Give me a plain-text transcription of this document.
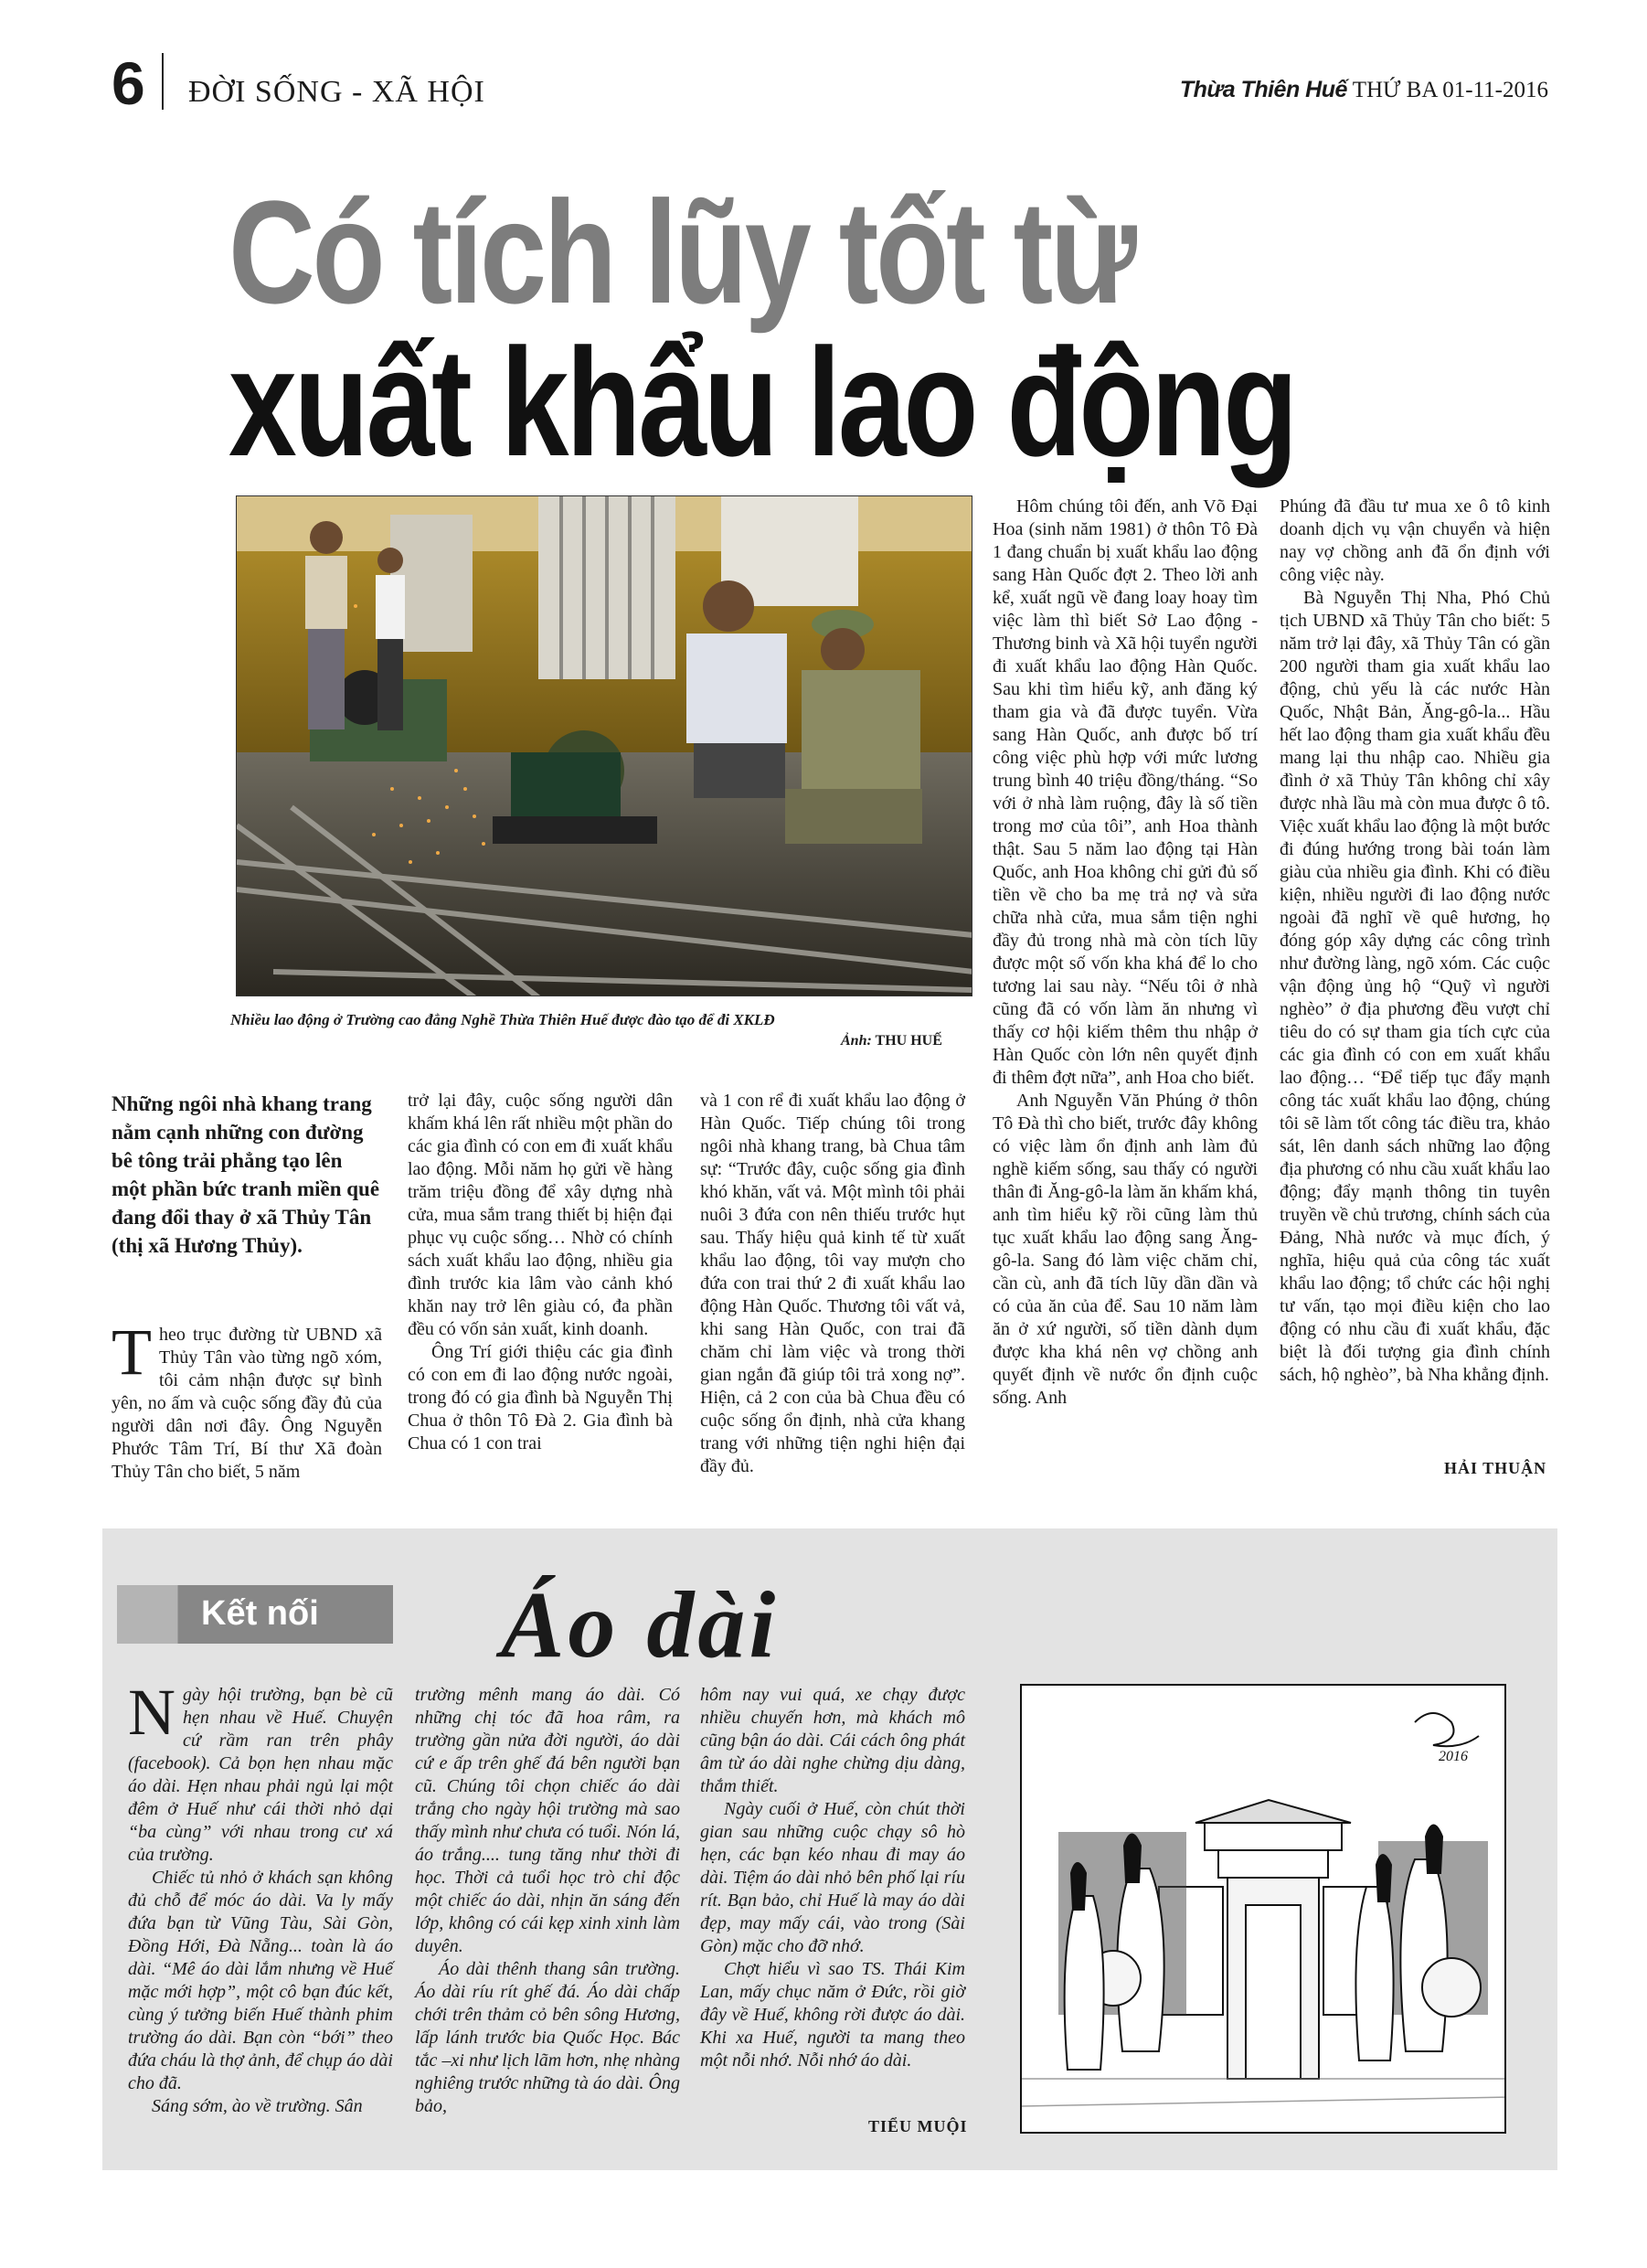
6 ĐỜI SỐNG - XÃ HỘI	Thừa Thiên Huế THỨ BA 01-11-2016
Có tích lũy tốt từ
xuất khẩu lao động
Nhiều lao động ở Trường cao đẳng Nghề Thừa Thiên Huế được đào tạo để đi XKLĐ
Ảnh: THU HUẾ
Những ngôi nhà khang trang nằm cạnh những con đường bê tông trải phẳng tạo lên một phần bức tranh miền quê đang đổi thay ở xã Thủy Tân (thị xã Hương Thủy).

Theo trục đường từ UBND xã Thủy Tân vào từng ngõ xóm, tôi cảm nhận được sự bình yên, no ấm và cuộc sống đầy đủ của người dân nơi đây. Ông Nguyễn Phước Tâm Trí, Bí thư Xã đoàn Thủy Tân cho biết, 5 năm

trở lại đây, cuộc sống người dân khấm khá lên rất nhiều một phần do các gia đình có con em đi xuất khẩu lao động. Mỗi năm họ gửi về hàng trăm triệu đồng để xây dựng nhà cửa, mua sắm trang thiết bị hiện đại phục vụ cuộc sống… Nhờ có chính sách xuất khẩu lao động, nhiều gia đình trước kia lâm vào cảnh khó khăn nay trở lên giàu có, đa phần đều có vốn sản xuất, kinh doanh.

Ông Trí giới thiệu các gia đình có con em đi lao động nước ngoài, trong đó có gia đình bà Nguyễn Thị Chua ở thôn Tô Đà 2. Gia đình bà Chua có 1 con trai

và 1 con rể đi xuất khẩu lao động ở Hàn Quốc. Tiếp chúng tôi trong ngôi nhà khang trang, bà Chua tâm sự: “Trước đây, cuộc sống gia đình khó khăn, vất vả. Một mình tôi phải nuôi 3 đứa con nên thiếu trước hụt sau. Thấy hiệu quả kinh tế từ xuất khẩu lao động, tôi vay mượn cho đứa con trai thứ 2 đi xuất khẩu lao động Hàn Quốc. Thương tôi vất vả, khi sang Hàn Quốc, con trai đã chăm chỉ làm việc và trong thời gian ngắn đã giúp tôi trả xong nợ”. Hiện, cả 2 con của bà Chua đều có cuộc sống ổn định, nhà cửa khang trang với những tiện nghi hiện đại đầy đủ.

Hôm chúng tôi đến, anh Võ Đại Hoa (sinh năm 1981) ở thôn Tô Đà 1 đang chuẩn bị xuất khẩu lao động sang Hàn Quốc đợt 2. Theo lời anh kể, xuất ngũ về đang loay hoay tìm việc làm thì biết Sở Lao động - Thương binh và Xã hội tuyển người đi xuất khẩu lao động Hàn Quốc. Sau khi tìm hiểu kỹ, anh đăng ký tham gia và đã được tuyển. Vừa sang Hàn Quốc, anh được bố trí công việc phù hợp với mức lương trung bình 40 triệu đồng/tháng. “So với ở nhà làm ruộng, đây là số tiền trong mơ của tôi”, anh Hoa thành thật. Sau 5 năm lao động tại Hàn Quốc, anh Hoa không chỉ gửi đủ số tiền về cho ba mẹ trả nợ và sửa chữa nhà cửa, mua sắm tiện nghi đầy đủ trong nhà mà còn tích lũy được một số vốn kha khá để lo cho tương lai sau này. “Nếu tôi ở nhà cũng đã có vốn làm ăn nhưng vì thấy cơ hội kiếm thêm thu nhập ở Hàn Quốc còn lớn nên quyết định đi thêm đợt nữa”, anh Hoa cho biết.

Anh Nguyễn Văn Phúng ở thôn Tô Đà thì cho biết, trước đây không có việc làm ổn định anh làm đủ nghề kiếm sống, sau thấy có người thân đi Ăng-gô-la làm ăn khấm khá, anh tìm hiểu kỹ rồi cũng làm thủ tục xuất khẩu lao động sang Ăng-gô-la. Sang đó làm việc chăm chỉ, cần cù, anh đã tích lũy dần dần và có của ăn của để. Sau 10 năm làm ăn ở xứ người, số tiền dành dụm được kha khá nên vợ chồng anh quyết định về nước ổn định cuộc sống. Anh

Phúng đã đầu tư mua xe ô tô kinh doanh dịch vụ vận chuyển và hiện nay vợ chồng anh đã ổn định với công việc này.

Bà Nguyễn Thị Nha, Phó Chủ tịch UBND xã Thủy Tân cho biết: 5 năm trở lại đây, xã Thủy Tân có gần 200 người tham gia xuất khẩu lao động, chủ yếu là các nước Hàn Quốc, Nhật Bản, Ăng-gô-la... Hầu hết lao động tham gia xuất khẩu đều mang lại thu nhập cao. Nhiều gia đình ở xã Thủy Tân không chỉ xây được nhà lầu mà còn mua được ô tô. Việc xuất khẩu lao động là một bước đi đúng hướng trong bài toán làm giàu của nhiều gia đình. Khi có điều kiện, nhiều người đi lao động nước ngoài đã nghĩ về quê hương, họ đóng góp xây dựng các công trình như đường làng, ngõ xóm. Các cuộc vận động ủng hộ “Quỹ vì người nghèo” ở địa phương đều vượt chỉ tiêu do có sự tham gia tích cực của các gia đình có con em xuất khẩu lao động… “Để tiếp tục đẩy mạnh công tác xuất khẩu lao động, chúng tôi sẽ làm tốt công tác điều tra, khảo sát, lên danh sách những lao động địa phương có nhu cầu xuất khẩu lao động; đẩy mạnh thông tin tuyên truyền về chủ trương, chính sách của Đảng, Nhà nước và mục đích, ý nghĩa, hiệu quả của công tác xuất khẩu lao động; tổ chức các hội nghị tư vấn, tạo mọi điều kiện cho lao động có nhu cầu đi xuất khẩu, đặc biệt là đối tượng gia đình chính sách, hộ nghèo”, bà Nha khẳng định.

HẢI THUẬN
Kết nối Áo dài

Ngày hội trường, bạn bè cũ hẹn nhau về Huế. Chuyện cứ rầm ran trên phây (facebook). Cả bọn hẹn nhau mặc áo dài. Hẹn nhau phải ngủ lại một đêm ở Huế như cái thời nhỏ dại “ba cùng” với nhau trong cư xá của trường.

Chiếc tủ nhỏ ở khách sạn không đủ chỗ để móc áo dài. Va ly mấy đứa bạn từ Vũng Tàu, Sài Gòn, Đồng Hới, Đà Nẵng... toàn là áo dài. “Mê áo dài lắm nhưng về Huế mặc mới hợp”, một cô bạn đúc kết, cùng ý tưởng biến Huế thành phim trường áo dài. Bạn còn “bới” theo đứa cháu là thợ ảnh, để chụp áo dài cho đã.

Sáng sớm, ào về trường. Sân

trường mênh mang áo dài. Có những chị tóc đã hoa râm, ra trường gần nửa đời người, áo dài cứ e ấp trên ghế đá bên người bạn cũ. Chúng tôi chọn chiếc áo dài trắng cho ngày hội trường mà sao thấy mình như chưa có tuổi. Nón lá, áo trắng.... tung tăng như thời đi học. Thời cả tuổi học trò chỉ độc một chiếc áo dài, nhịn ăn sáng đến lớp, không có cái kẹp xinh xinh làm duyên.

Áo dài thênh thang sân trường. Áo dài ríu rít ghế đá. Áo dài chấp chới trên thảm cỏ bên sông Hương, lấp lánh trước bia Quốc Học. Bác tắc –xi như lịch lãm hơn, nhẹ nhàng nghiêng trước những tà áo dài. Ông bảo,

hôm nay vui quá, xe chạy được nhiều chuyến hơn, mà khách mô cũng bận áo dài. Cái cách ông phát âm từ áo dài nghe chừng dịu dàng, thắm thiết.

Ngày cuối ở Huế, còn chút thời gian sau những cuộc chạy sô hò hẹn, các bạn kéo nhau đi may áo dài. Tiệm áo dài nhỏ bên phố lại ríu rít. Bạn bảo, chỉ Huế là may áo dài đẹp, may mấy cái, vào trong (Sài Gòn) mặc cho đỡ nhớ.

Chợt hiểu vì sao TS. Thái Kim Lan, mấy chục năm ở Đức, rồi giờ đây về Huế, không rời được áo dài. Khi xa Huế, người ta mang theo một nỗi nhớ. Nỗi nhớ áo dài.

TIỂU MUỘI
2016
